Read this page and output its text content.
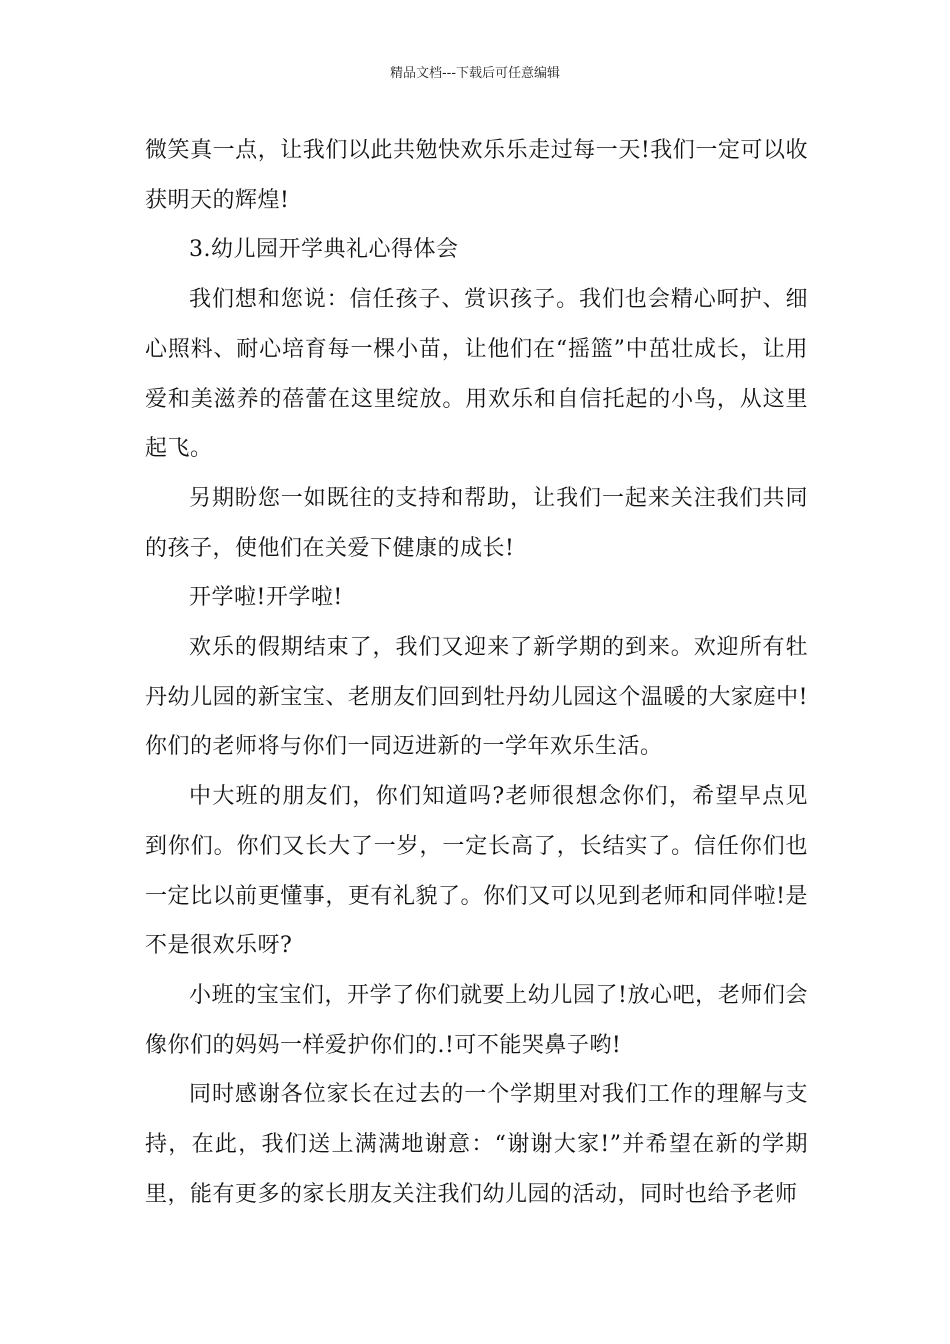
精品文档---下载后可任意编辑

微笑真一点，让我们以此共勉快欢乐乐走过每一天!我们一定可以收获明天的辉煌!

3.幼儿园开学典礼心得体会

我们想和您说：信任孩子、赏识孩子。我们也会精心呵护、细心照料、耐心培育每一棵小苗，让他们在“摇篮”中茁壮成长，让用爱和美滋养的蓓蕾在这里绽放。用欢乐和自信托起的小鸟，从这里起飞。

另期盼您一如既往的支持和帮助，让我们一起来关注我们共同的孩子，使他们在关爱下健康的成长!

开学啦!开学啦!

欢乐的假期结束了，我们又迎来了新学期的到来。欢迎所有牡丹幼儿园的新宝宝、老朋友们回到牡丹幼儿园这个温暖的大家庭中!你们的老师将与你们一同迈进新的一学年欢乐生活。

中大班的朋友们，你们知道吗?老师很想念你们，希望早点见到你们。你们又长大了一岁，一定长高了，长结实了。信任你们也一定比以前更懂事，更有礼貌了。你们又可以见到老师和同伴啦!是不是很欢乐呀?

小班的宝宝们，开学了你们就要上幼儿园了!放心吧，老师们会像你们的妈妈一样爱护你们的.!可不能哭鼻子哟!

同时感谢各位家长在过去的一个学期里对我们工作的理解与支持，在此，我们送上满满地谢意：“谢谢大家!”并希望在新的学期里，能有更多的家长朋友关注我们幼儿园的活动，同时也给予老师
